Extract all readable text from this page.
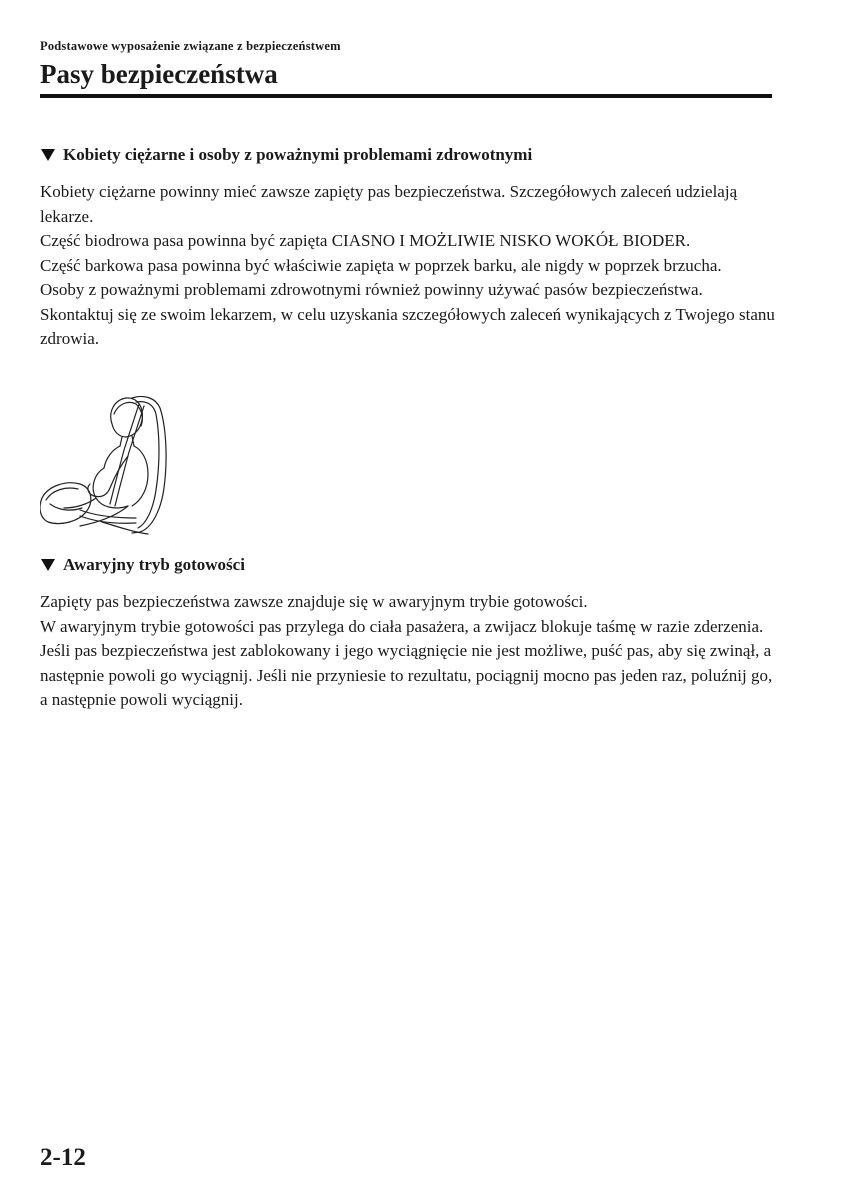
Podstawowe wyposażenie związane z bezpieczeństwem

Pasy bezpieczeństwa
Kobiety ciężarne i osoby z poważnymi problemami zdrowotnymi

Kobiety ciężarne powinny mieć zawsze zapięty pas bezpieczeństwa. Szczegółowych zaleceń udzielają lekarze.

Część biodrowa pasa powinna być zapięta CIASNO I MOŻLIWIE NISKO WOKÓŁ BIODER.

Część barkowa pasa powinna być właściwie zapięta w poprzek barku, ale nigdy w poprzek brzucha.

Osoby z poważnymi problemami zdrowotnymi również powinny używać pasów bezpieczeństwa. Skontaktuj się ze swoim lekarzem, w celu uzyskania szczegółowych zaleceń wynikających z Twojego stanu zdrowia.

Awaryjny tryb gotowości

Zapięty pas bezpieczeństwa zawsze znajduje się w awaryjnym trybie gotowości.

W awaryjnym trybie gotowości pas przylega do ciała pasażera, a zwijacz blokuje taśmę w razie zderzenia.

Jeśli pas bezpieczeństwa jest zablokowany i jego wyciągnięcie nie jest możliwe, puść pas, aby się zwinął, a następnie powoli go wyciągnij. Jeśli nie przyniesie to rezultatu, pociągnij mocno pas jeden raz, poluźnij go, a następnie powoli wyciągnij.

2-12
